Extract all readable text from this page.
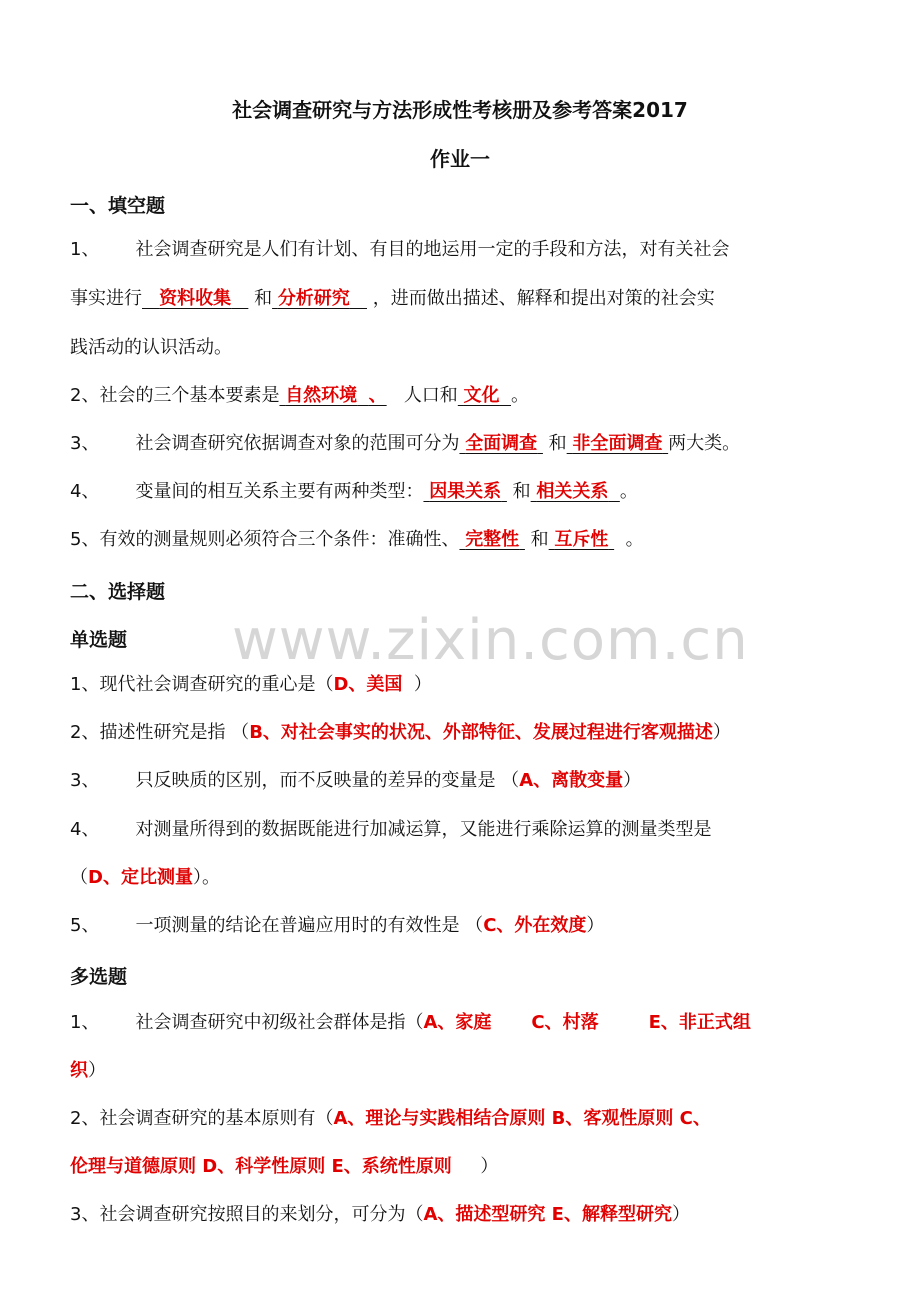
www.zixin.com.cn
社会调查研究与方法形成性考核册及参考答案2017
作业一
一、填空题
1、 社会调查研究是人们有计划、有目的地运用一定的手段和方法，对有关社会
事实进行 资料收集 和 分析研究 ，进而做出描述、解释和提出对策的社会实
践活动的认识活动。
2、社会的三个基本要素是 自然环境 、 人口和 文化 。
3、 社会调查研究依据调查对象的范围可分为 全面调查 和 非全面调查 两大类。
4、 变量间的相互关系主要有两种类型： 因果关系 和 相关关系 。
5、有效的测量规则必须符合三个条件：准确性、 完整性 和 互斥性 。
二、选择题
单选题
1、现代社会调查研究的重心是（D、美国 ）
2、描述性研究是指 （B、对社会事实的状况、外部特征、发展过程进行客观描述）
3、 只反映质的区别，而不反映量的差异的变量是 （A、离散变量）
4、 对测量所得到的数据既能进行加减运算，又能进行乘除运算的测量类型是
（D、定比测量）。
5、 一项测量的结论在普遍应用时的有效性是 （C、外在效度）
多选题
1、 社会调查研究中初级社会群体是指（A、家庭 C、村落	E、非正式组
织）
2、社会调查研究的基本原则有（A、理论与实践相结合原则 B、客观性原则 C、
伦理与道德原则 D、科学性原则 E、系统性原则 ）
3、社会调查研究按照目的来划分，可分为（A、描述型研究 E、解释型研究）
